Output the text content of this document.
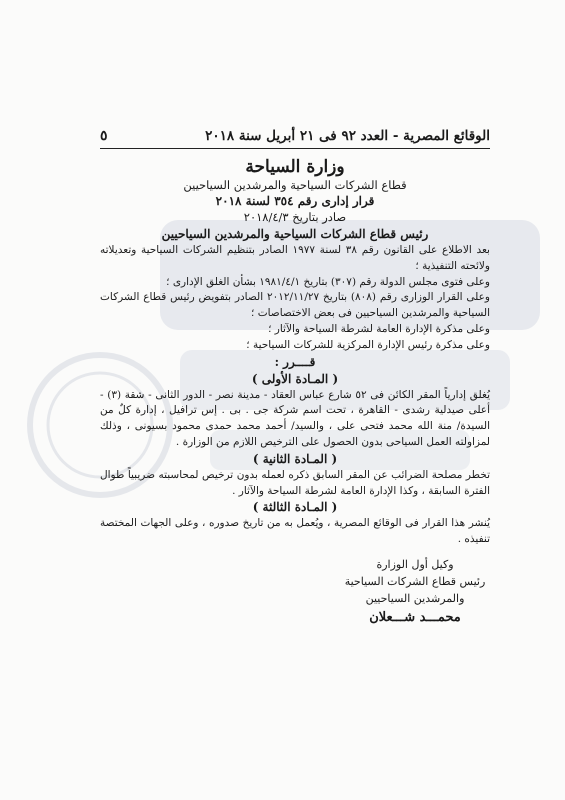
الوقائع المصرية - العدد ٩٢ فى ٢١ أبريل سنة ٢٠١٨
٥
وزارة السياحة
قطاع الشركات السياحية والمرشدين السياحيين
قرار إدارى رقم ٣٥٤ لسنة ٢٠١٨
صادر بتاريخ ٢٠١٨/٤/٣
رئيس قطاع الشركات السياحية والمرشدين السياحيين
بعد الاطلاع على القانون رقم ٣٨ لسنة ١٩٧٧ الصادر بتنظيم الشركات السياحية وتعديلاته ولائحته التنفيذية ؛
وعلى فتوى مجلس الدولة رقم (٣٠٧) بتاريخ ١٩٨١/٤/١ بشأن الغلق الإدارى ؛
وعلى القرار الوزارى رقم (٨٠٨) بتاريخ ٢٠١٢/١١/٢٧ الصادر بتفويض رئيس قطاع الشركات السياحية والمرشدين السياحيين فى بعض الاختصاصات ؛
وعلى مذكرة الإدارة العامة لشرطة السياحة والآثار ؛
وعلى مذكرة رئيس الإدارة المركزية للشركات السياحية ؛
قــــرر :
( المـادة الأولى )
يُغلق إدارياً المقر الكائن فى ٥٢ شارع عباس العقاد - مدينة نصر - الدور الثانى - شقة (٣) - أعلى صيدلية رشدى - القاهرة ، تحت اسم شركة جى . بى . إس ترافيل ، إدارة كلٌ من السيدة/ منة الله محمد فتحى على ، والسيد/ أحمد محمد حمدى محمود بسيونى ، وذلك لمزاولته العمل السياحى بدون الحصول على الترخيص اللازم من الوزارة .
( المـادة الثانية )
تخطر مصلحة الضرائب عن المقر السابق ذكره لعمله بدون ترخيص لمحاسبته ضريبياً طوال الفترة السابقة ، وكذا الإدارة العامة لشرطة السياحة والآثار .
( المـادة الثالثة )
يُنشر هذا القرار فى الوقائع المصرية ، ويُعمل به من تاريخ صدوره ، وعلى الجهات المختصة تنفيذه .
وكيل أول الوزارة
رئيس قطاع الشركات السياحية
والمرشدين السياحيين
محمـــد شـــعلان
